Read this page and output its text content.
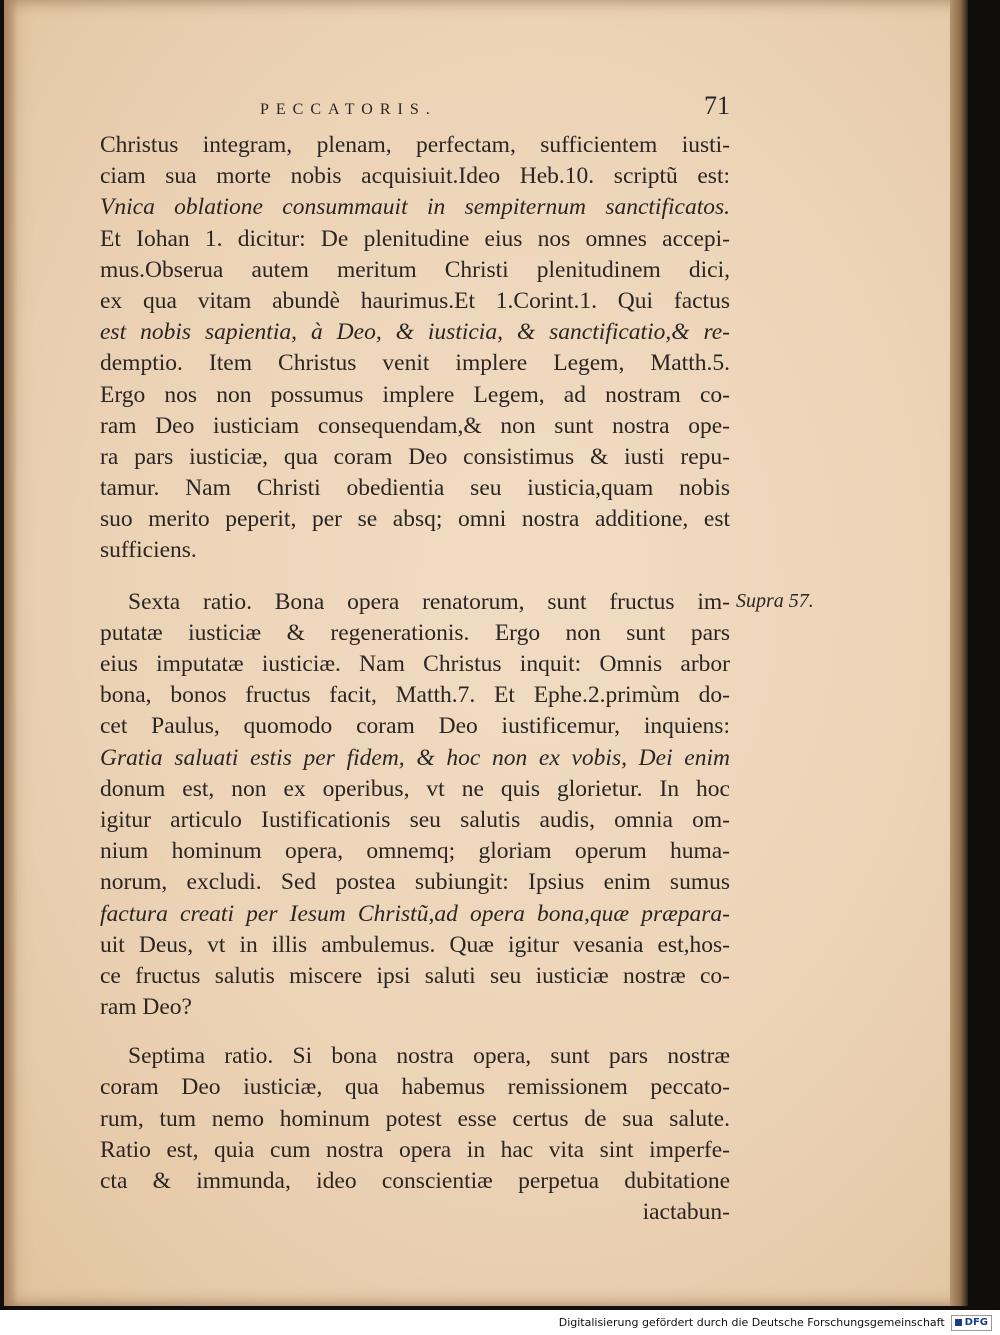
PECCATORIS.	71
Christus integram, plenam, perfectam, sufficientem iusti-
ciam sua morte nobis acquisiuit.Ideo Heb.10. scriptũ est:
Vnica oblatione consummauit in sempiternum sanctificatos.
Et Iohan 1. dicitur: De plenitudine eius nos omnes accepi-
mus.Obserua autem meritum Christi plenitudinem dici,
ex qua vitam abundè haurimus.Et 1.Corint.1. Qui factus
est nobis sapientia, à Deo, & iusticia, & sanctificatio,& re-
demptio. Item Christus venit implere Legem, Matth.5.
Ergo nos non possumus implere Legem, ad nostram co-
ram Deo iusticiam consequendam,& non sunt nostra ope-
ra pars iusticiæ, qua coram Deo consistimus & iusti repu-
tamur. Nam Christi obedientia seu iusticia,quam nobis
suo merito peperit, per se absq; omni nostra additione, est
sufficiens.
Sexta ratio. Bona opera renatorum, sunt fructus im-
putatæ iusticiæ & regenerationis. Ergo non sunt pars
eius imputatæ iusticiæ. Nam Christus inquit: Omnis arbor
bona, bonos fructus facit, Matth.7. Et Ephe.2.primùm do-
cet Paulus, quomodo coram Deo iustificemur, inquiens:
Gratia saluati estis per fidem, & hoc non ex vobis, Dei enim
donum est, non ex operibus, vt ne quis glorietur. In hoc
igitur articulo Iustificationis seu salutis audis, omnia om-
nium hominum opera, omnemq; gloriam operum huma-
norum, excludi. Sed postea subiungit: Ipsius enim sumus
factura creati per Iesum Christũ,ad opera bona,quæ præpara-
uit Deus, vt in illis ambulemus. Quæ igitur vesania est,hos-
ce fructus salutis miscere ipsi saluti seu iusticiæ nostræ co-
ram Deo?
Septima ratio. Si bona nostra opera, sunt pars nostræ
coram Deo iusticiæ, qua habemus remissionem peccato-
rum, tum nemo hominum potest esse certus de sua salute.
Ratio est, quia cum nostra opera in hac vita sint imperfe-
cta & immunda, ideo conscientiæ perpetua dubitatione
iactabun-
Supra 57.
Digitalisierung gefördert durch die Deutsche Forschungsgemeinschaft DFG
